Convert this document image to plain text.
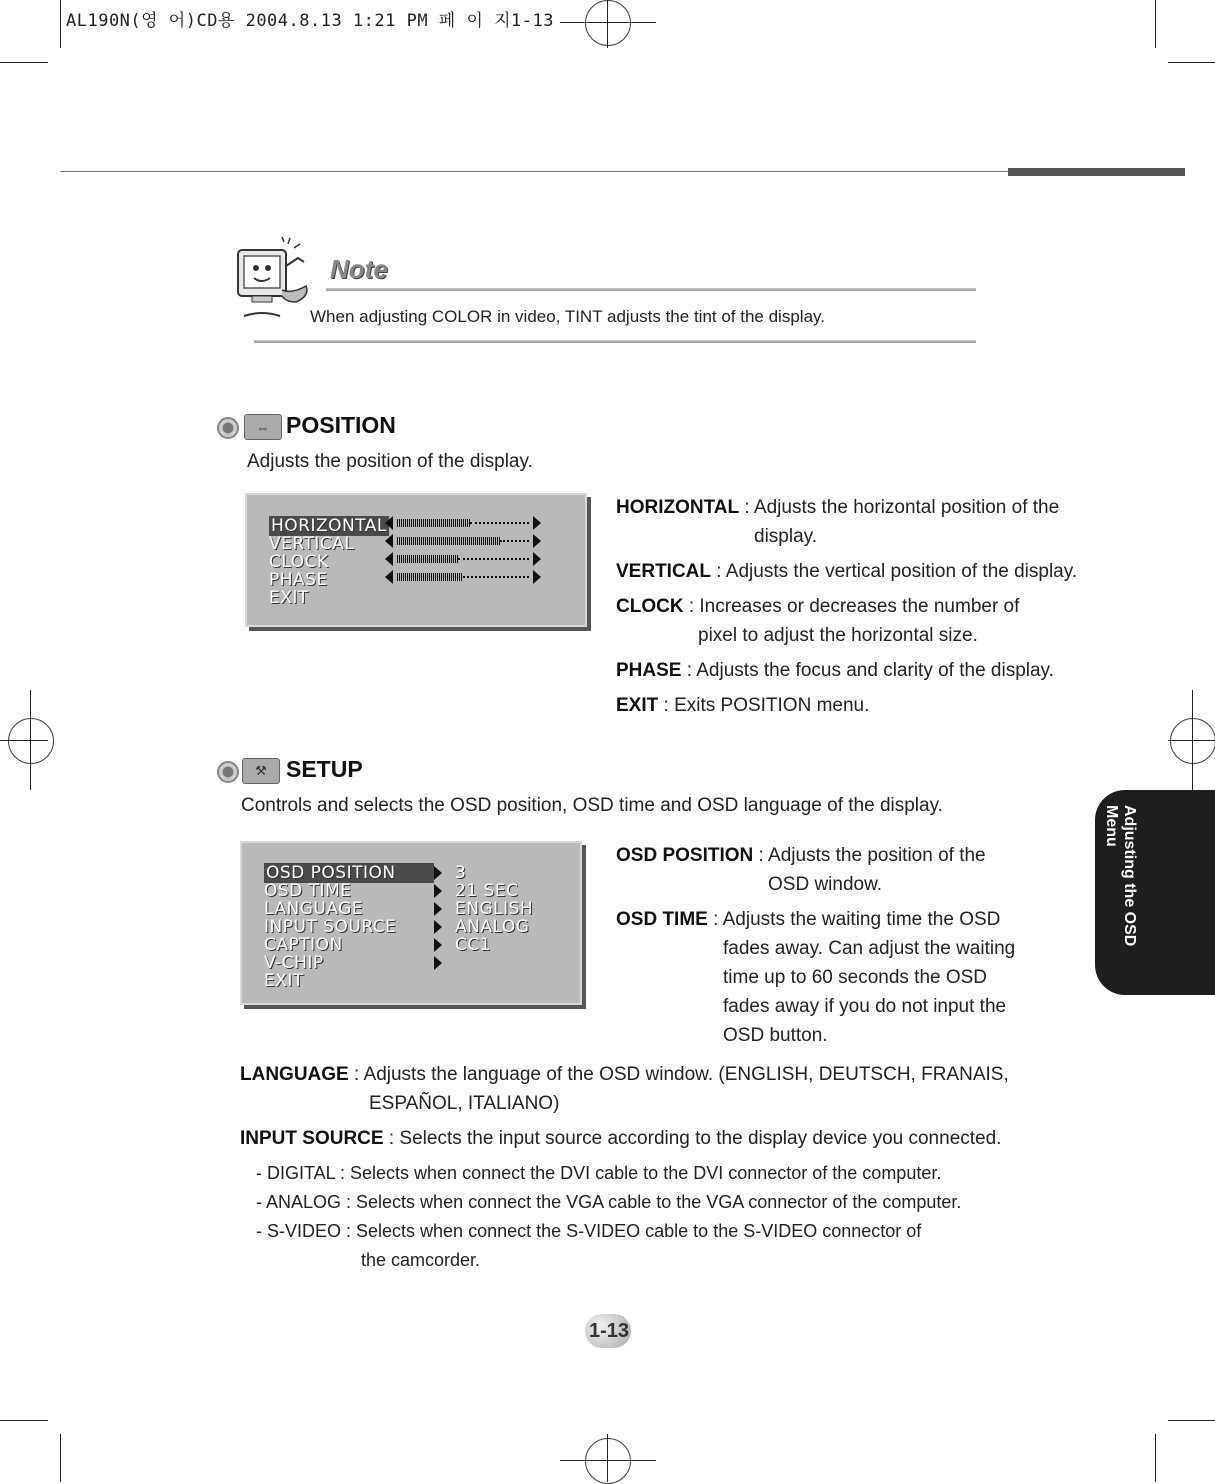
AL190N(영 어)CD용 2004.8.13 1:21 PM 페 이 지1-13
Note
When adjusting COLOR in video, TINT adjusts the tint of the display.
⇔ POSITION
Adjusts the position of the display.
HORIZONTAL
VERTICAL
CLOCK
PHASE
EXIT
HORIZONTAL : Adjusts the horizontal position of the
display.
VERTICAL : Adjusts the vertical position of the display.
CLOCK : Increases or decreases the number of
pixel to adjust the horizontal size.
PHASE : Adjusts the focus and clarity of the display.
EXIT : Exits POSITION menu.
⚒ SETUP
Controls and selects the OSD position, OSD time and OSD language of the display.
OSD POSITION
OSD TIME
LANGUAGE
INPUT SOURCE
CAPTION
V-CHIP
EXIT
3
21 SEC
ENGLISH
ANALOG
CC1
OSD POSITION : Adjusts the position of the
OSD window.
OSD TIME : Adjusts the waiting time the OSD
fades away. Can adjust the waiting
time up to 60 seconds the OSD
fades away if you do not input the
OSD button.
LANGUAGE : Adjusts the language of the OSD window. (ENGLISH, DEUTSCH, FRANAIS,
ESPAÑOL, ITALIANO)
INPUT SOURCE : Selects the input source according to the display device you connected.
- DIGITAL : Selects when connect the DVI cable to the DVI connector of the computer.
- ANALOG : Selects when connect the VGA cable to the VGA connector of the computer.
- S-VIDEO : Selects when connect the S-VIDEO cable to the S-VIDEO connector of
the camcorder.
Adjusting the OSD Menu
1-13
